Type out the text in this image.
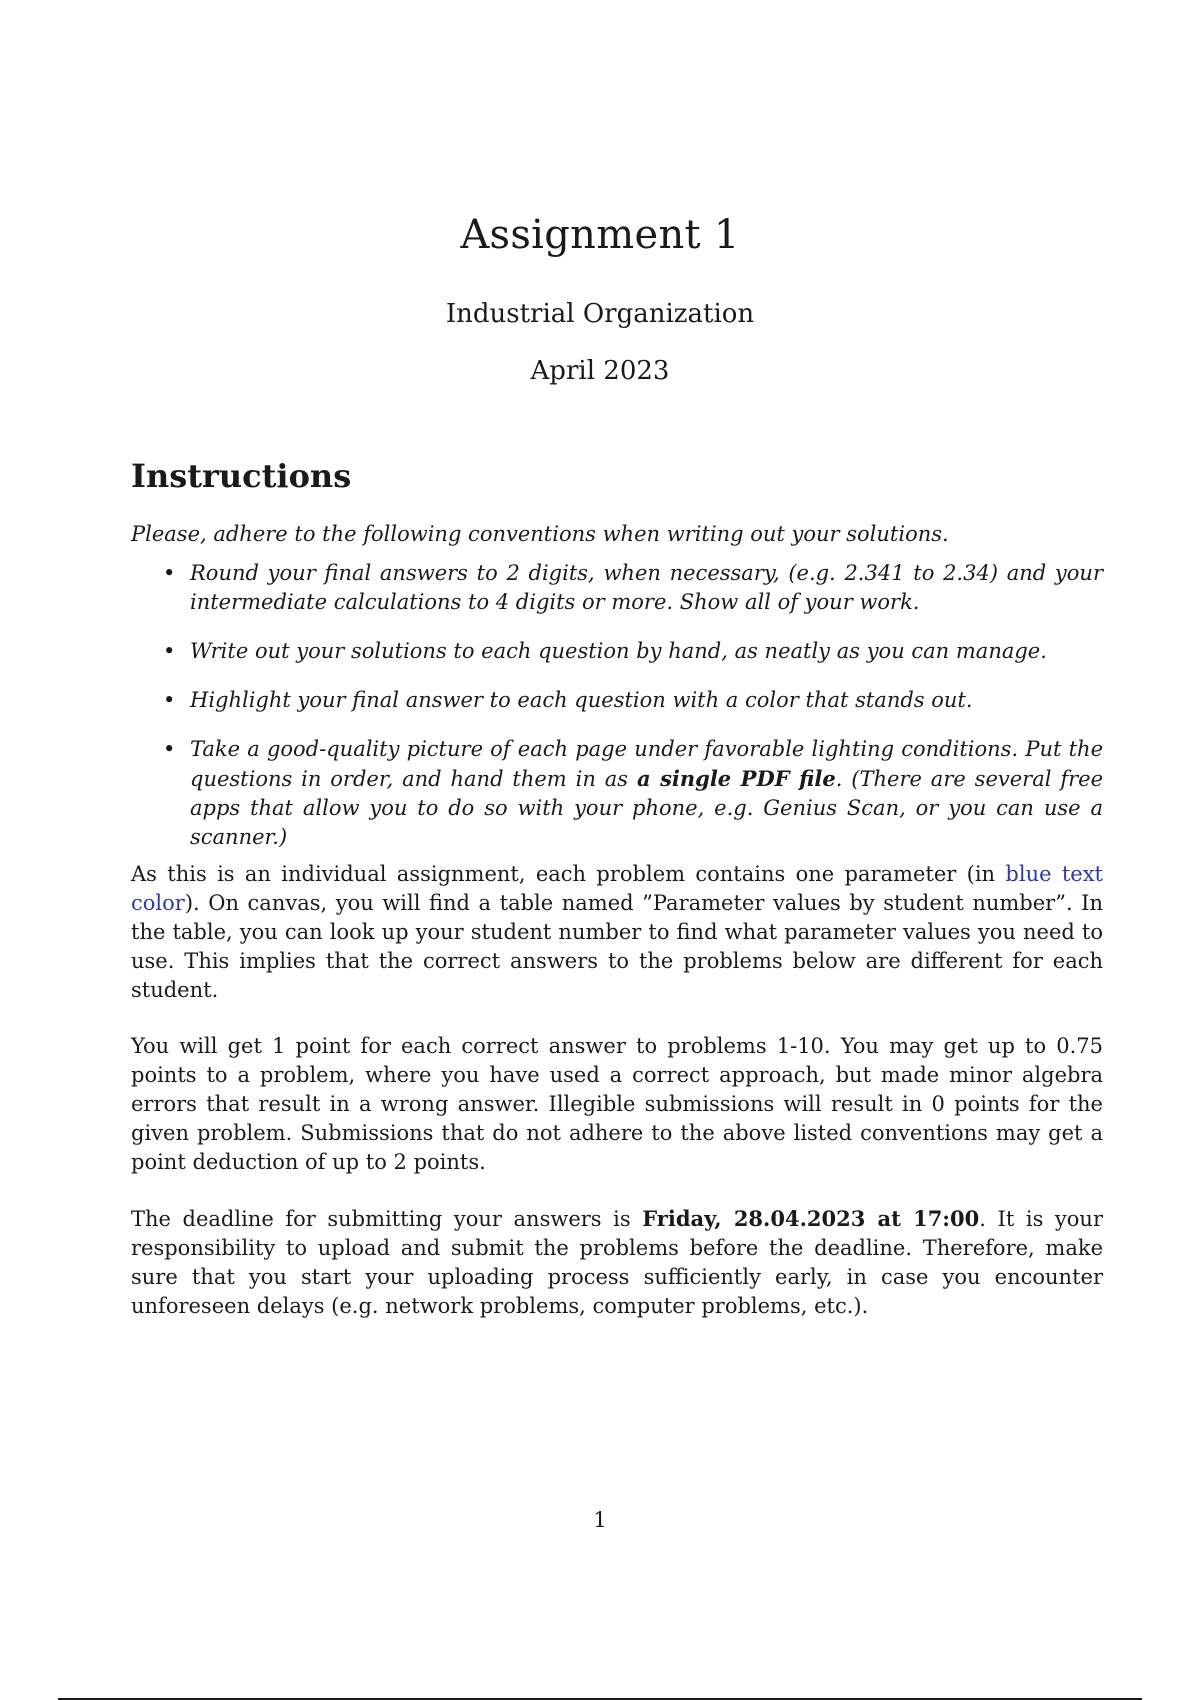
Assignment 1
Industrial Organization
April 2023
Instructions

Please, adhere to the following conventions when writing out your solutions.

• Round your final answers to 2 digits, when necessary, (e.g. 2.341 to 2.34) and your intermediate calculations to 4 digits or more. Show all of your work.
• Write out your solutions to each question by hand, as neatly as you can manage.
• Highlight your final answer to each question with a color that stands out.
• Take a good-quality picture of each page under favorable lighting conditions. Put the questions in order, and hand them in as a single PDF file. (There are several free apps that allow you to do so with your phone, e.g. Genius Scan, or you can use a scanner.)

As this is an individual assignment, each problem contains one parameter (in blue text color). On canvas, you will find a table named ”Parameter values by student number”. In the table, you can look up your student number to find what parameter values you need to use. This implies that the correct answers to the problems below are different for each student.

You will get 1 point for each correct answer to problems 1-10. You may get up to 0.75 points to a problem, where you have used a correct approach, but made minor algebra errors that result in a wrong answer. Illegible submissions will result in 0 points for the given problem. Submissions that do not adhere to the above listed conventions may get a point deduction of up to 2 points.

The deadline for submitting your answers is Friday, 28.04.2023 at 17:00. It is your responsibility to upload and submit the problems before the deadline. Therefore, make sure that you start your uploading process sufficiently early, in case you encounter unforeseen delays (e.g. network problems, computer problems, etc.).

1
